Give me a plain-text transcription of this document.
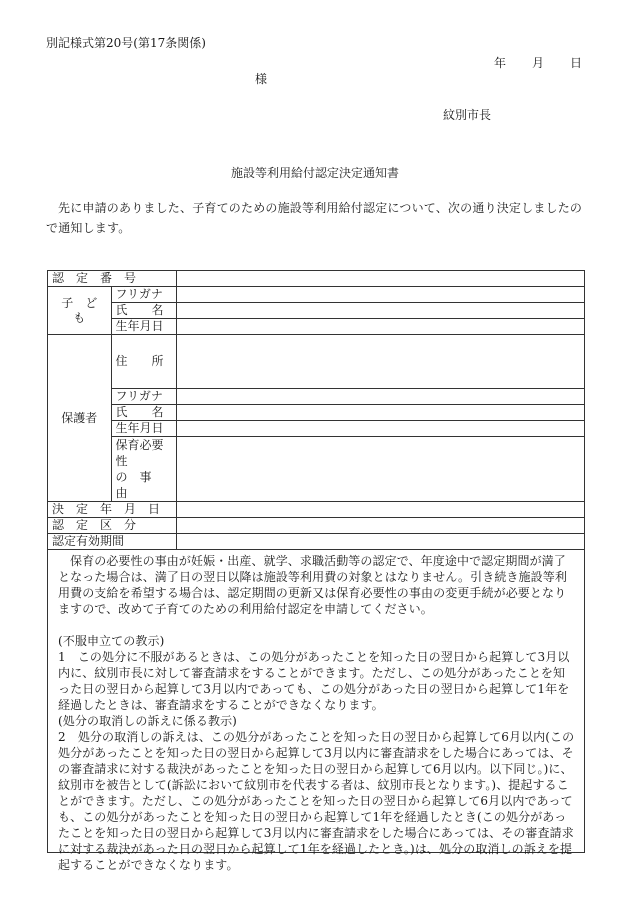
別記様式第20号(第17条関係)
年 月 日
様
紋別市長
施設等利用給付認定決定通知書
先に申請のありました、子育てのための施設等利用給付認定について、次の通り決定しましたので通知します。
認　定　番　号		
子　ど　も	フリガナ	
	氏　　名	
	生年月日	
保護者	住　　所	
	フリガナ	
	氏　　名	
	生年月日	
	保育必要性
の　事　由	

決　定　年　月　日		
認　定　区　分		
認定有効期間		

保育の必要性の事由が妊娠・出産、就学、求職活動等の認定で、年度途中で認定期間が満了となった場合は、満了日の翌日以降は施設等利用費の対象とはなりません。引き続き施設等利用費の支給を希望する場合は、認定期間の更新又は保育必要性の事由の変更手続が必要となりますので、改めて子育てのための利用給付認定を申請してください。

(不服申立ての教示)

1　この処分に不服があるときは、この処分があったことを知った日の翌日から起算して3月以内に、紋別市長に対して審査請求をすることができます。ただし、この処分があったことを知った日の翌日から起算して3月以内であっても、この処分があった日の翌日から起算して1年を経過したときは、審査請求をすることができなくなります。

(処分の取消しの訴えに係る教示)

2　処分の取消しの訴えは、この処分があったことを知った日の翌日から起算して6月以内(この処分があったことを知った日の翌日から起算して3月以内に審査請求をした場合にあっては、その審査請求に対する裁決があったことを知った日の翌日から起算して6月以内。以下同じ。)に、紋別市を被告として(訴訟において紋別市を代表する者は、紋別市長となります。)、提起することができます。ただし、この処分があったことを知った日の翌日から起算して6月以内であっても、この処分があったことを知った日の翌日から起算して1年を経過したとき(この処分があったことを知った日の翌日から起算して3月以内に審査請求をした場合にあっては、その審査請求に対する裁決があった日の翌日から起算して1年を経過したとき。)は、処分の取消しの訴えを提起することができなくなります。
